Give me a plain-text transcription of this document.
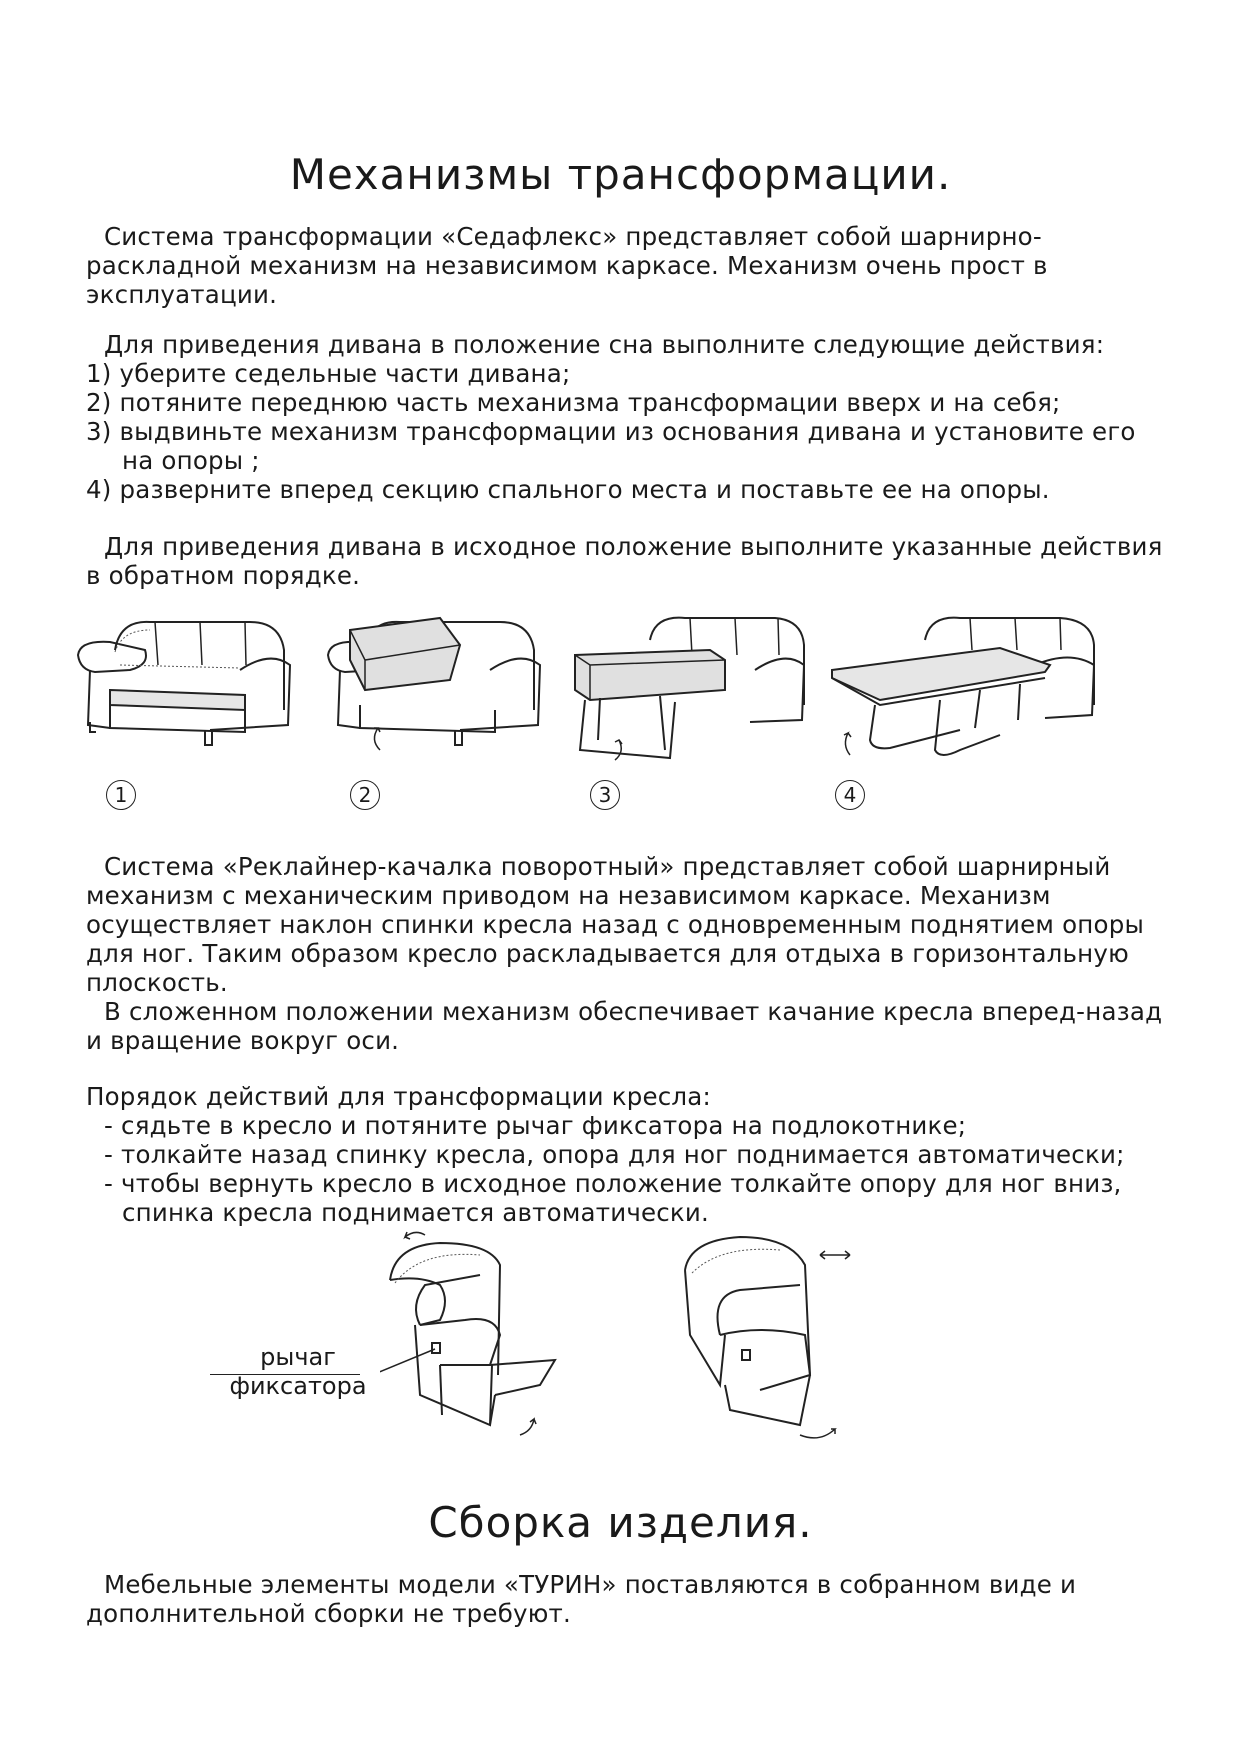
Механизмы трансформации.

Система трансформации «Седафлекс» представляет собой шарнирно-

раскладной механизм на независимом каркасе. Механизм очень прост в

эксплуатации.

Для приведения дивана в положение сна выполните следующие действия:

1) уберите седельные части дивана;

2) потяните переднюю часть механизма трансформации вверх и на себя;

3) выдвиньте механизм трансформации из основания дивана и установите его

на опоры ;

4) разверните вперед секцию спального места и поставьте ее на опоры.

Для приведения дивана в исходное положение выполните указанные действия

в обратном порядке.

1	2	3	4

Система «Реклайнер-качалка поворотный» представляет собой шарнирный

механизм с механическим приводом на независимом каркасе. Механизм

осуществляет наклон спинки кресла назад с одновременным поднятием опоры

для ног. Таким образом кресло раскладывается для отдыха в горизонтальную

плоскость.

В сложенном положении механизм обеспечивает качание кресла вперед-назад

и вращение вокруг оси.

Порядок действий для трансформации кресла:

- сядьте в кресло и потяните рычаг фиксатора на подлокотнике;

- толкайте назад спинку кресла, опора для ног поднимается автоматически;

- чтобы вернуть кресло в исходное положение толкайте опору для ног вниз,

спинка кресла поднимается автоматически.

рычаг
фиксатора
Сборка изделия.

Мебельные элементы модели «ТУРИН» поставляются в собранном виде и

дополнительной сборки не требуют.
